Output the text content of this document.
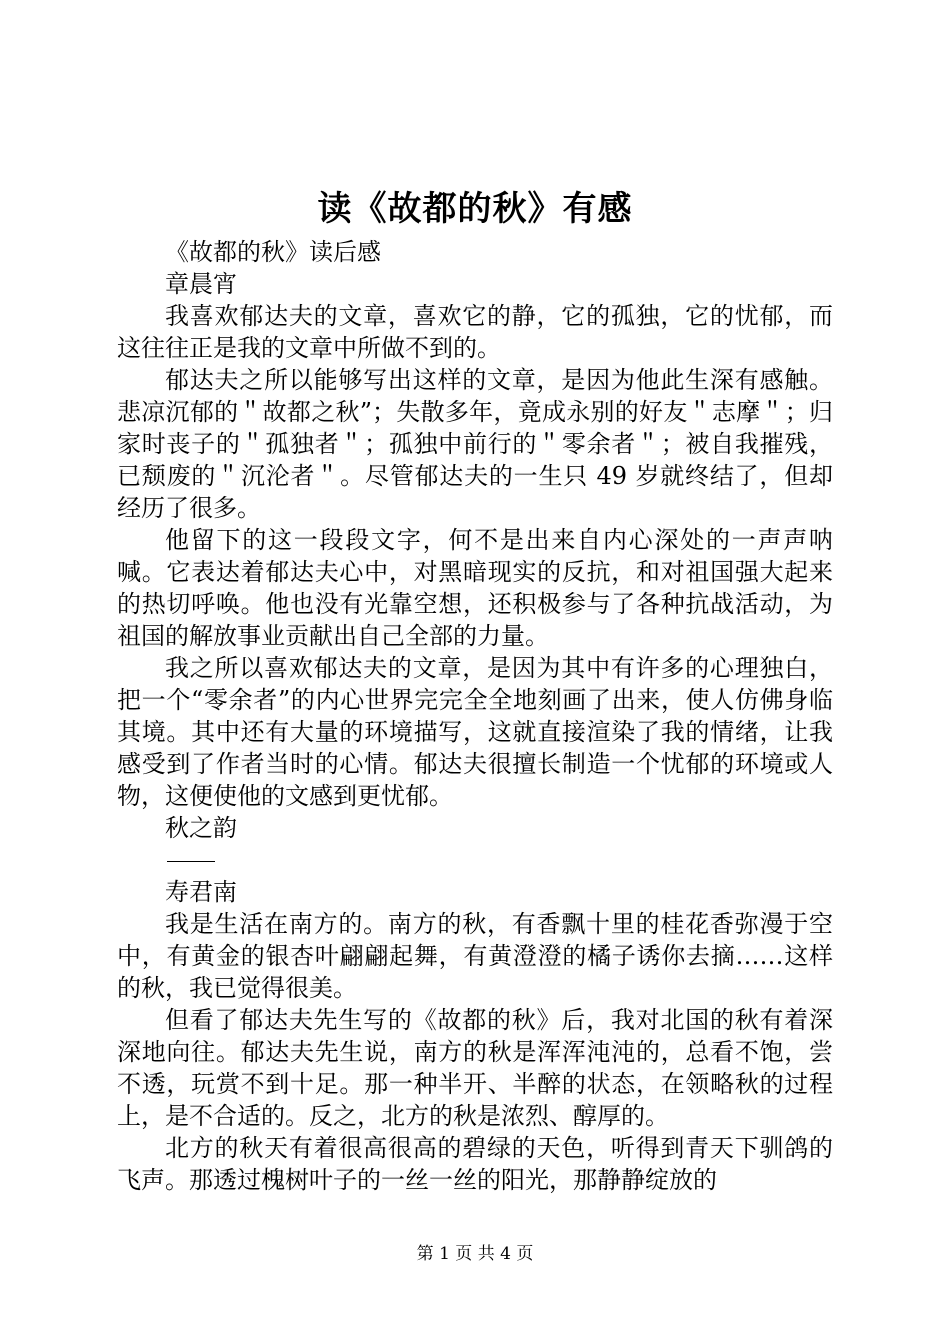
读《故都的秋》有感

《故都的秋》读后感

章晨宵

我喜欢郁达夫的文章，喜欢它的静，它的孤独，它的忧郁，而这往往正是我的文章中所做不到的。

郁达夫之所以能够写出这样的文章，是因为他此生深有感触。悲凉沉郁的＂故都之秋”；失散多年，竟成永别的好友＂志摩＂；归家时丧子的＂孤独者＂；孤独中前行的＂零余者＂；被自我摧残，已颓废的＂沉沦者＂。尽管郁达夫的一生只 49 岁就终结了，但却经历了很多。

他留下的这一段段文字，何不是出来自内心深处的一声声呐喊。它表达着郁达夫心中，对黑暗现实的反抗，和对祖国强大起来的热切呼唤。他也没有光靠空想，还积极参与了各种抗战活动，为祖国的解放事业贡献出自己全部的力量。

我之所以喜欢郁达夫的文章，是因为其中有许多的心理独白，把一个“零余者”的内心世界完完全全地刻画了出来，使人仿佛身临其境。其中还有大量的环境描写，这就直接渲染了我的情绪，让我感受到了作者当时的心情。郁达夫很擅长制造一个忧郁的环境或人物，这便使他的文感到更忧郁。

秋之韵

寿君南

我是生活在南方的。南方的秋，有香飘十里的桂花香弥漫于空中，有黄金的银杏叶翩翩起舞，有黄澄澄的橘子诱你去摘……这样的秋，我已觉得很美。

但看了郁达夫先生写的《故都的秋》后，我对北国的秋有着深深地向往。郁达夫先生说，南方的秋是浑浑沌沌的，总看不饱，尝不透，玩赏不到十足。那一种半开、半醉的状态，在领略秋的过程上，是不合适的。反之，北方的秋是浓烈、醇厚的。

北方的秋天有着很高很高的碧绿的天色，听得到青天下驯鸽的飞声。那透过槐树叶子的一丝一丝的阳光，那静静绽放的

第 1 页 共 4 页
